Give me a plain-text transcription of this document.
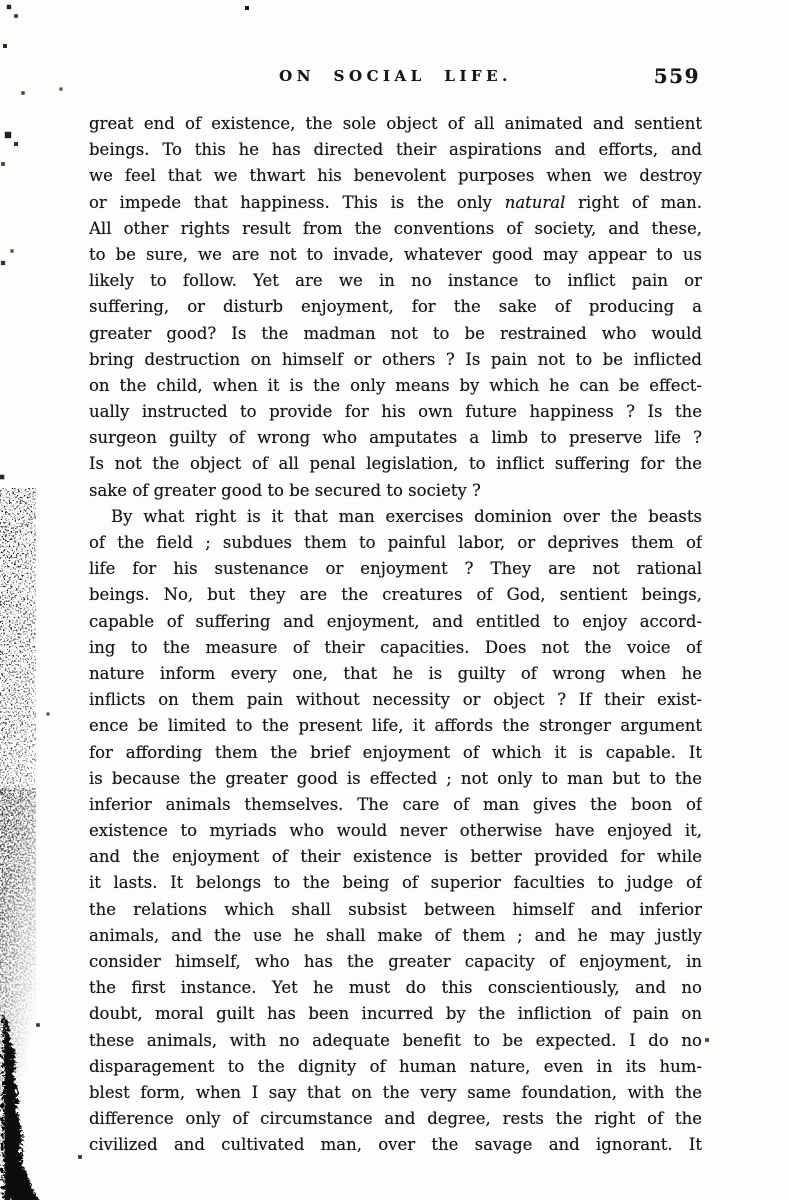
ON SOCIAL LIFE.	559
great end of existence, the sole object of all animated and sentient
beings. To this he has directed their aspirations and efforts, and
we feel that we thwart his benevolent purposes when we destroy
or impede that happiness. This is the only natural right of man.
All other rights result from the conventions of society, and these,
to be sure, we are not to invade, whatever good may appear to us
likely to follow. Yet are we in no instance to inflict pain or
suffering, or disturb enjoyment, for the sake of producing a
greater good? Is the madman not to be restrained who would
bring destruction on himself or others ? Is pain not to be inflicted
on the child, when it is the only means by which he can be effect-
ually instructed to provide for his own future happiness ? Is the
surgeon guilty of wrong who amputates a limb to preserve life ?
Is not the object of all penal legislation, to inflict suffering for the
sake of greater good to be secured to society ?
By what right is it that man exercises dominion over the beasts
of the field ; subdues them to painful labor, or deprives them of
life for his sustenance or enjoyment ? They are not rational
beings. No, but they are the creatures of God, sentient beings,
capable of suffering and enjoyment, and entitled to enjoy accord-
ing to the measure of their capacities. Does not the voice of
nature inform every one, that he is guilty of wrong when he
inflicts on them pain without necessity or object ? If their exist-
ence be limited to the present life, it affords the stronger argument
for affording them the brief enjoyment of which it is capable. It
is because the greater good is effected ; not only to man but to the
inferior animals themselves. The care of man gives the boon of
existence to myriads who would never otherwise have enjoyed it,
and the enjoyment of their existence is better provided for while
it lasts. It belongs to the being of superior faculties to judge of
the relations which shall subsist between himself and inferior
animals, and the use he shall make of them ; and he may justly
consider himself, who has the greater capacity of enjoyment, in
the first instance. Yet he must do this conscientiously, and no
doubt, moral guilt has been incurred by the infliction of pain on
these animals, with no adequate benefit to be expected. I do no
disparagement to the dignity of human nature, even in its hum-
blest form, when I say that on the very same foundation, with the
difference only of circumstance and degree, rests the right of the
civilized and cultivated man, over the savage and ignorant. It
